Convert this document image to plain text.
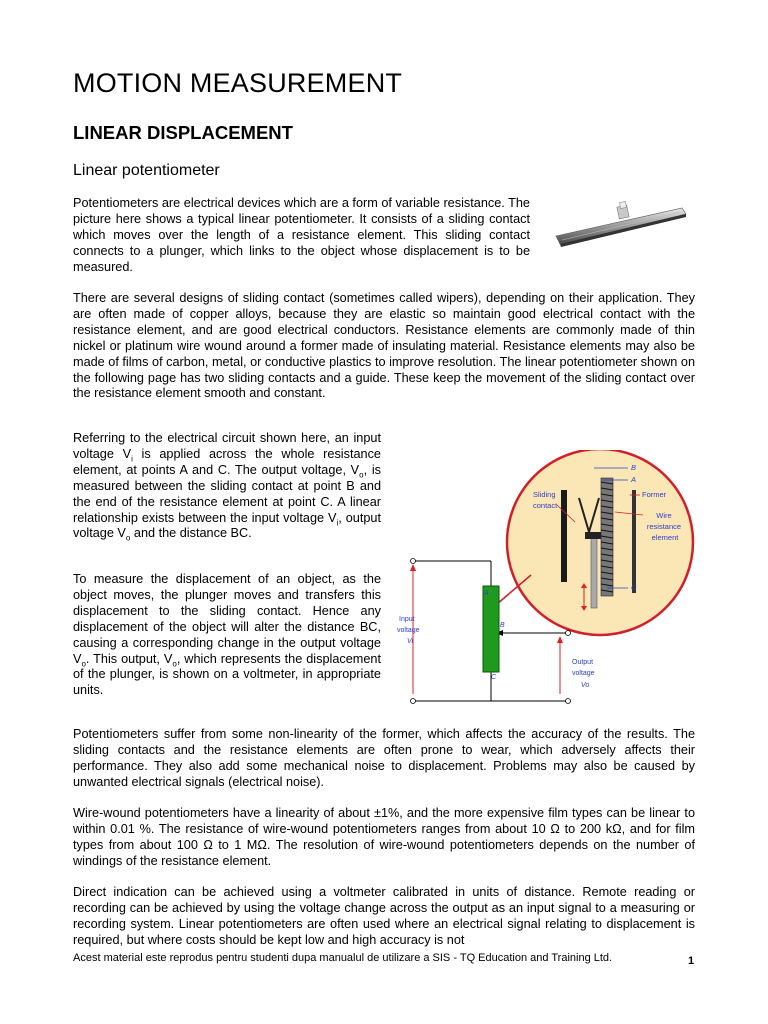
MOTION MEASUREMENT
LINEAR DISPLACEMENT
Linear potentiometer

Potentiometers are electrical devices which are a form of variable resistance. The picture here shows a typical linear potentiometer. It consists of a sliding contact which moves over the length of a resistance element. This sliding contact connects to a plunger, which links to the object whose displacement is to be measured.

There are several designs of sliding contact (sometimes called wipers), depending on their application. They are often made of copper alloys, because they are elastic so maintain good electrical contact with the resistance element, and are good electrical conductors. Resistance elements are commonly made of thin nickel or platinum wire wound around a former made of insulating material. Resistance elements may also be made of films of carbon, metal, or conductive plastics to improve resolution. The linear potentiometer shown on the following page has two sliding contacts and a guide. These keep the movement of the sliding contact over the resistance element smooth and constant.

Referring to the electrical circuit shown here, an input voltage $V_i$ is applied across the whole resistance element, at points A and C. The output voltage, $V_o$, is measured between the sliding contact at point B and the end of the resistance element at point C. A linear relationship exists between the input voltage $V_i$, output voltage $V_o$ and the distance BC.

To measure the displacement of an object, as the object moves, the plunger moves and transfers this displacement to the sliding contact. Hence any displacement of the object will alter the distance BC, causing a corresponding change in the output voltage $V_o$. This output, $V_o$, which represents the displacement of the plunger, is shown on a voltmeter, in appropriate units.

B
A
C
Sliding contact
Former
Wire resistance element
A
B
C
Input voltage Vi
Output voltage Vo

Potentiometers suffer from some non-linearity of the former, which affects the accuracy of the results. The sliding contacts and the resistance elements are often prone to wear, which adversely affects their performance. They also add some mechanical noise to displacement. Problems may also be caused by unwanted electrical signals (electrical noise).

Wire-wound potentiometers have a linearity of about ±1%, and the more expensive film types can be linear to within 0.01 %. The resistance of wire-wound potentiometers ranges from about 10 Ω to 200 kΩ, and for film types from about 100 Ω to 1 MΩ. The resolution of wire-wound potentiometers depends on the number of windings of the resistance element.

Direct indication can be achieved using a voltmeter calibrated in units of distance. Remote reading or recording can be achieved by using the voltage change across the output as an input signal to a measuring or recording system. Linear potentiometers are often used where an electrical signal relating to displacement is required, but where costs should be kept low and high accuracy is not

Acest material este reprodus pentru studenti dupa manualul de utilizare a SIS - TQ Education and Training Ltd.	1
